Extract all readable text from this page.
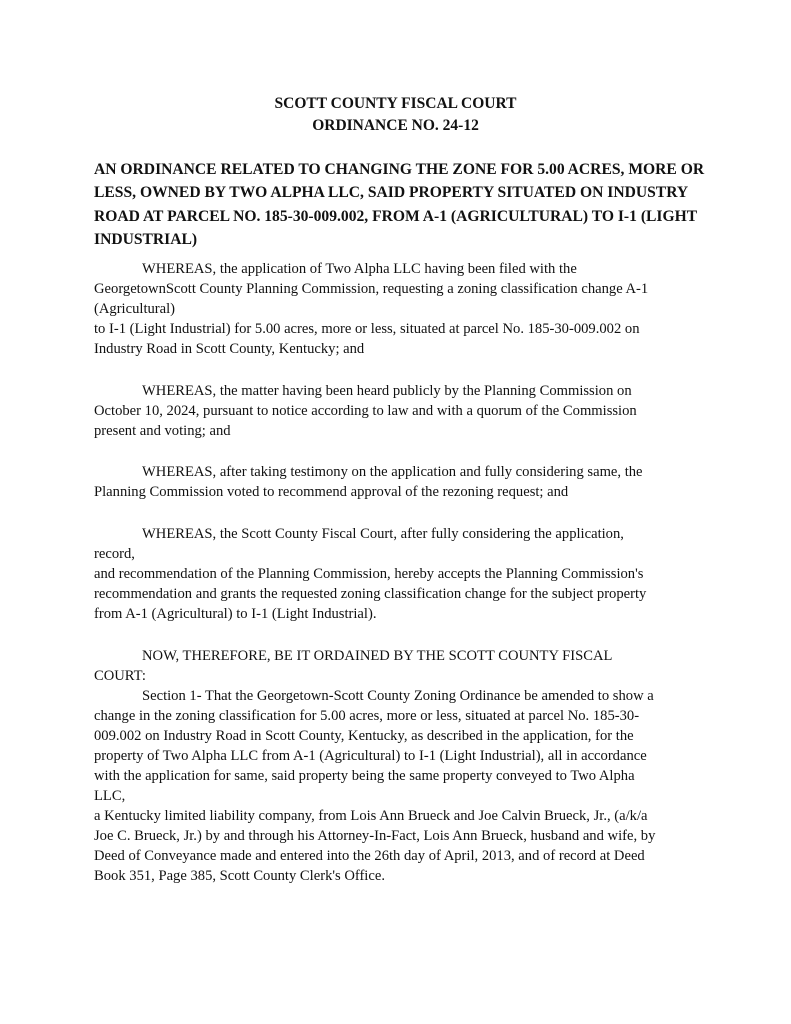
SCOTT COUNTY FISCAL COURT

ORDINANCE NO. 24-12

AN ORDINANCE RELATED TO CHANGING THE ZONE FOR 5.00 ACRES, MORE OR LESS, OWNED BY TWO ALPHA LLC, SAID PROPERTY SITUATED ON INDUSTRY ROAD AT PARCEL NO. 185-30-009.002, FROM A-1 (AGRICULTURAL) TO I-1 (LIGHT INDUSTRIAL)

WHEREAS, the application of Two Alpha LLC having been filed with the

GeorgetownScott County Planning Commission, requesting a zoning classification change A-1

(Agricultural)

to I-1 (Light Industrial) for 5.00 acres, more or less, situated at parcel No. 185-30-009.002 on

Industry Road in Scott County, Kentucky; and

WHEREAS, the matter having been heard publicly by the Planning Commission on

October 10, 2024, pursuant to notice according to law and with a quorum of the Commission

present and voting; and

WHEREAS, after taking testimony on the application and fully considering same, the

Planning Commission voted to recommend approval of the rezoning request; and

WHEREAS, the Scott County Fiscal Court, after fully considering the application,

record,

and recommendation of the Planning Commission, hereby accepts the Planning Commission's

recommendation and grants the requested zoning classification change for the subject property

from A-1 (Agricultural) to I-1 (Light Industrial).

NOW, THEREFORE, BE IT ORDAINED BY THE SCOTT COUNTY FISCAL

COURT:

Section 1- That the Georgetown-Scott County Zoning Ordinance be amended to show a

change in the zoning classification for 5.00 acres, more or less, situated at parcel No. 185-30-

009.002 on Industry Road in Scott County, Kentucky, as described in the application, for the

property of Two Alpha LLC from A-1 (Agricultural) to I-1 (Light Industrial), all in accordance

with the application for same, said property being the same property conveyed to Two Alpha

LLC,

a Kentucky limited liability company, from Lois Ann Brueck and Joe Calvin Brueck, Jr., (a/k/a

Joe C. Brueck, Jr.) by and through his Attorney-In-Fact, Lois Ann Brueck, husband and wife, by

Deed of Conveyance made and entered into the 26th day of April, 2013, and of record at Deed

Book 351, Page 385, Scott County Clerk's Office.
